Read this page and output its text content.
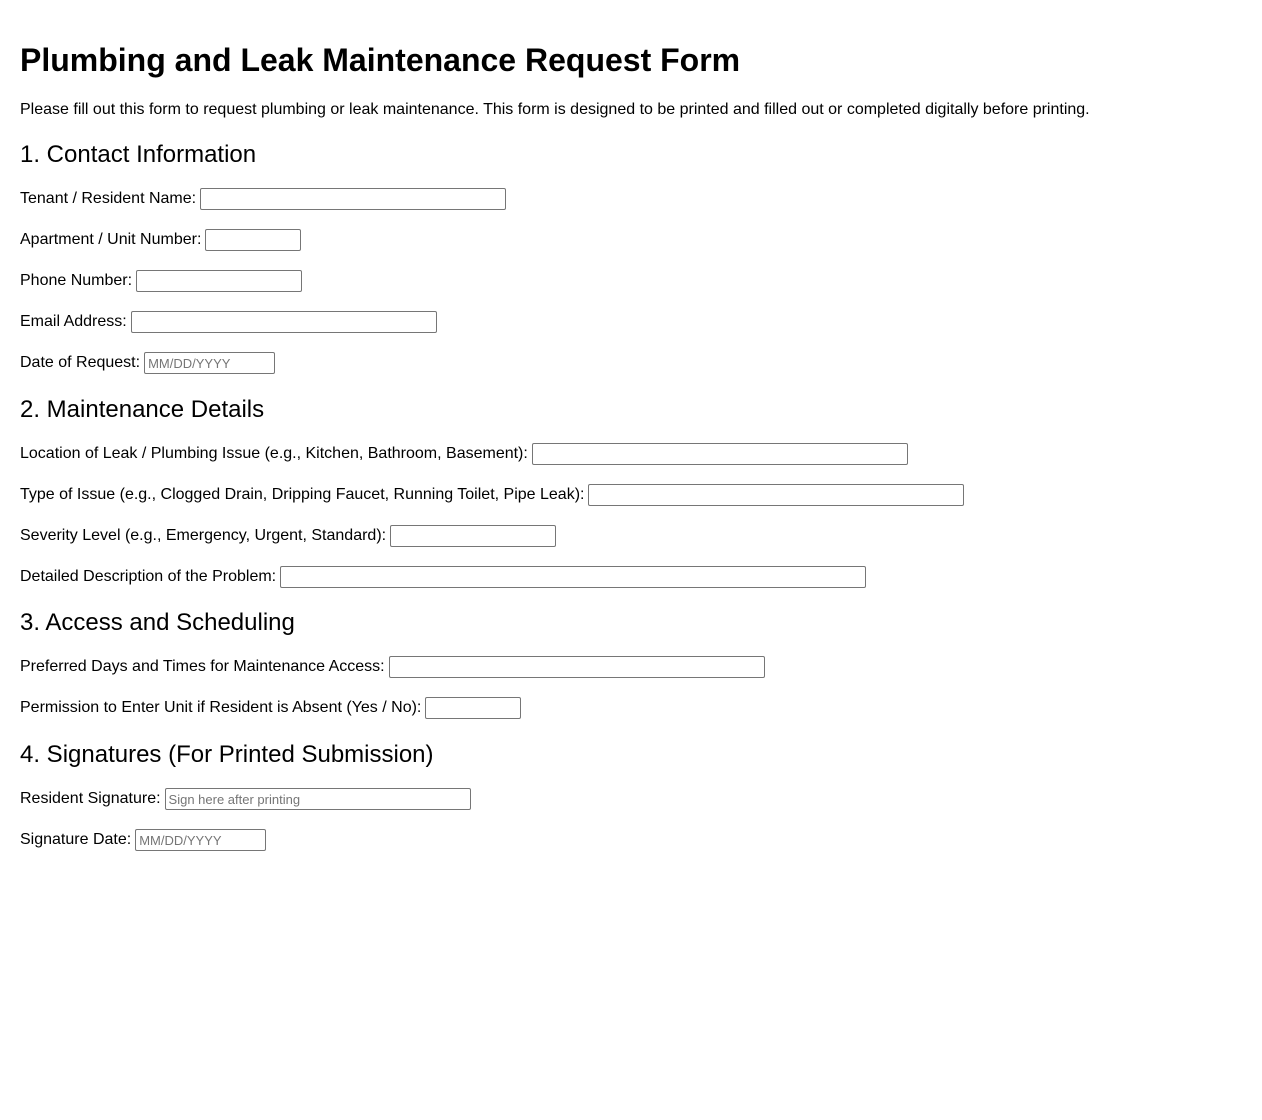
Plumbing and Leak Maintenance Request Form

Please fill out this form to request plumbing or leak maintenance. This form is designed to be printed and filled out or completed digitally before printing.

1. Contact Information
Tenant / Resident Name:
Apartment / Unit Number:
Phone Number:
Email Address:
Date of Request:
MM/DD/YYYY
2. Maintenance Details
Location of Leak / Plumbing Issue (e.g., Kitchen, Bathroom, Basement):
Type of Issue (e.g., Clogged Drain, Dripping Faucet, Running Toilet, Pipe Leak):
Severity Level (e.g., Emergency, Urgent, Standard):
Detailed Description of the Problem:
3. Access and Scheduling
Preferred Days and Times for Maintenance Access:
Permission to Enter Unit if Resident is Absent (Yes / No):
4. Signatures (For Printed Submission)
Resident Signature:
Sign here after printing
Signature Date:
MM/DD/YYYY
